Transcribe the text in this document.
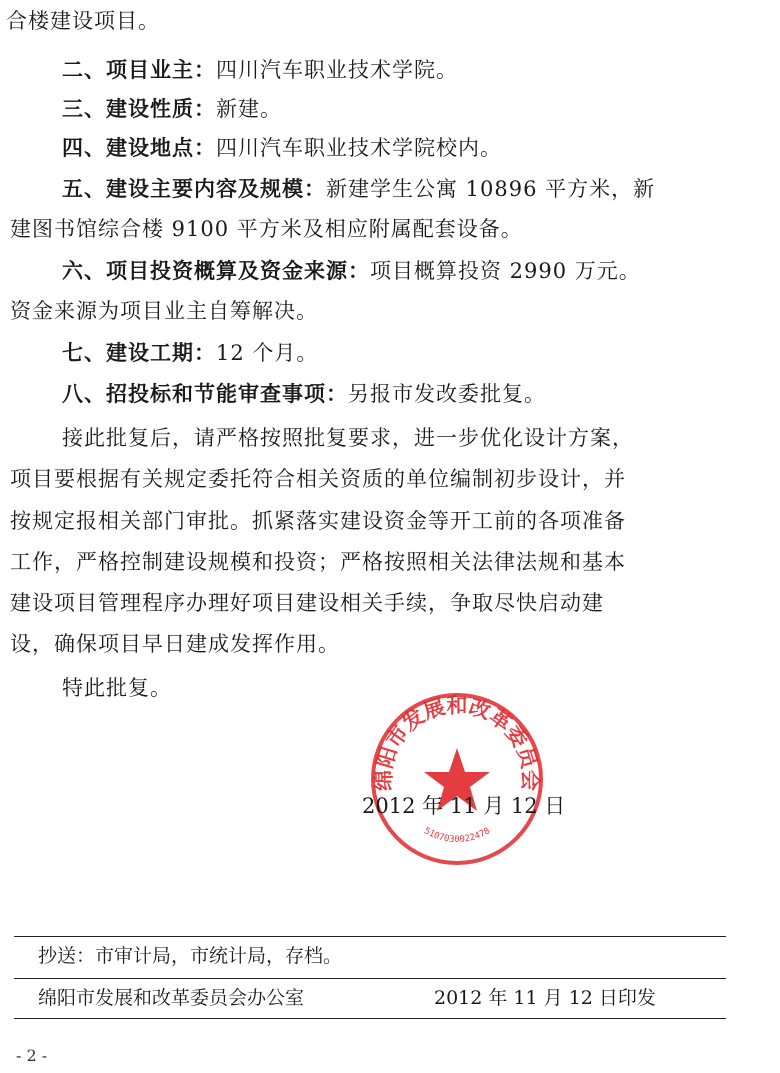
合楼建设项目。
二、项目业主：四川汽车职业技术学院。
三、建设性质：新建。
四、建设地点：四川汽车职业技术学院校内。
五、建设主要内容及规模：新建学生公寓 10896 平方米，新
建图书馆综合楼 9100 平方米及相应附属配套设备。
六、项目投资概算及资金来源：项目概算投资 2990 万元。
资金来源为项目业主自筹解决。
七、建设工期：12 个月。
八、招投标和节能审查事项：另报市发改委批复。
接此批复后，请严格按照批复要求，进一步优化设计方案，
项目要根据有关规定委托符合相关资质的单位编制初步设计，并
按规定报相关部门审批。抓紧落实建设资金等开工前的各项准备
工作，严格控制建设规模和投资；严格按照相关法律法规和基本
建设项目管理程序办理好项目建设相关手续，争取尽快启动建
设，确保项目早日建成发挥作用。
特此批复。
绵阳市发展和改革委员会
5107030022478
2012 年 11 月 12 日
抄送：市审计局，市统计局，存档。
绵阳市发展和改革委员会办公室	2012 年 11 月 12 日印发
- 2 -
